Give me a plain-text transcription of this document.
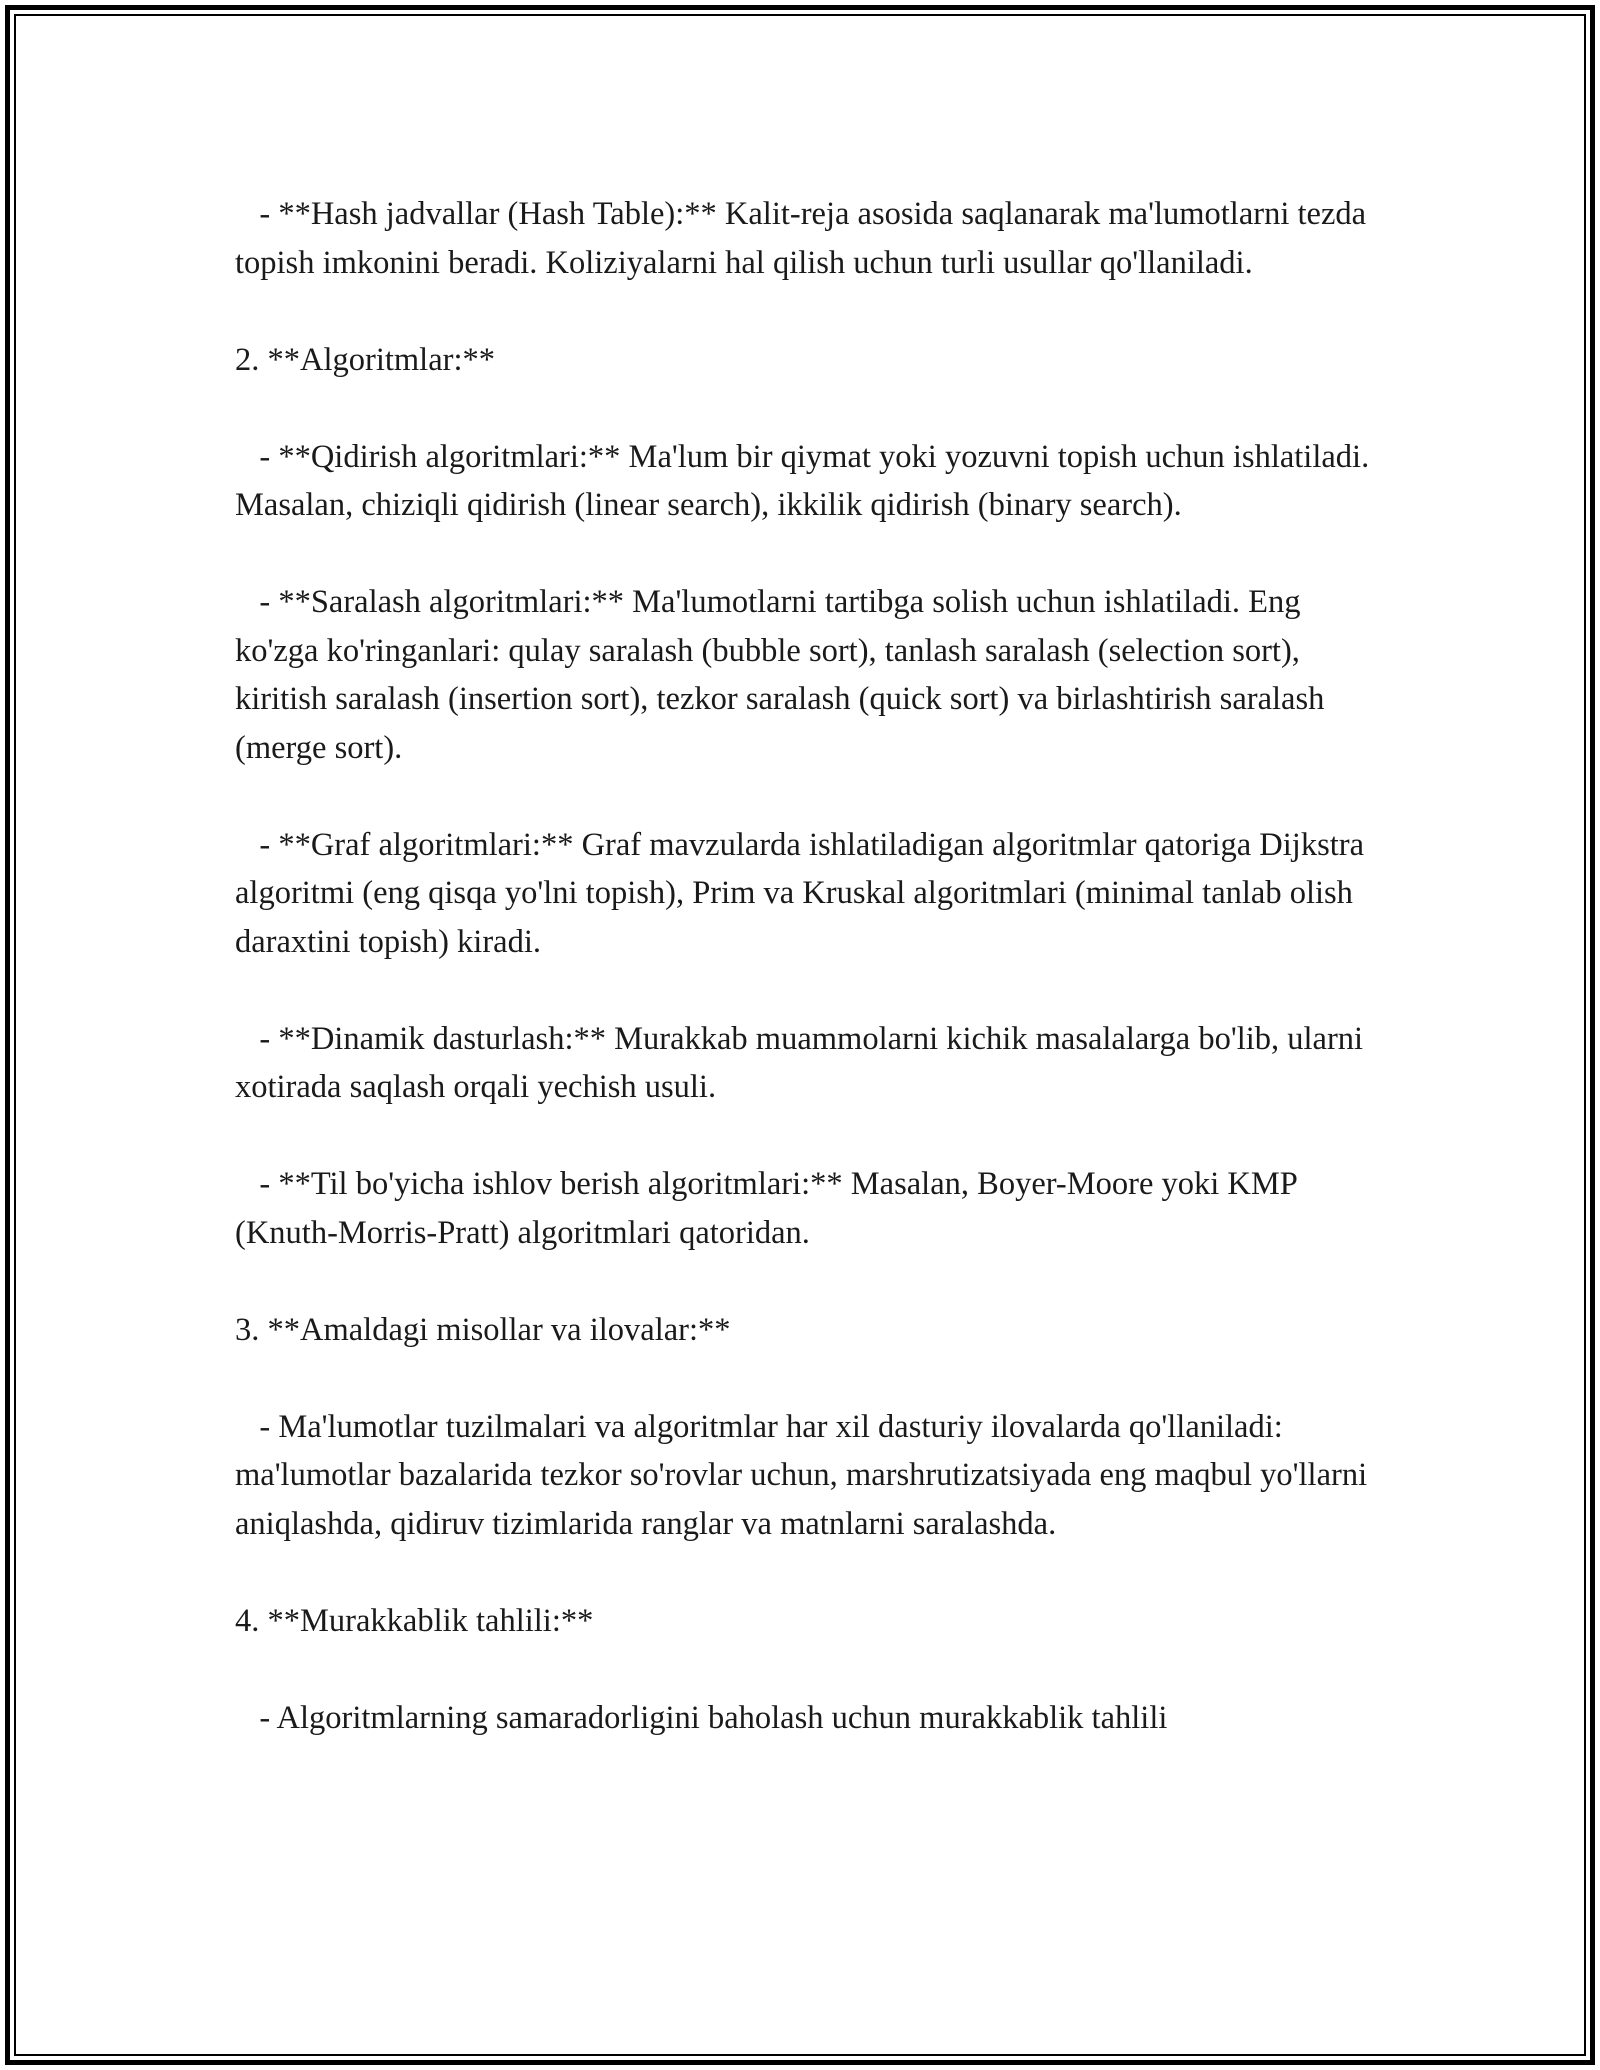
- **Hash jadvallar (Hash Table):** Kalit-reja asosida saqlanarak ma'lumotlarni tezda topish imkonini beradi. Koliziyalarni hal qilish uchun turli usullar qo'llaniladi.

2. **Algoritmlar:**

- **Qidirish algoritmlari:** Ma'lum bir qiymat yoki yozuvni topish uchun ishlatiladi. Masalan, chiziqli qidirish (linear search), ikkilik qidirish (binary search).

- **Saralash algoritmlari:** Ma'lumotlarni tartibga solish uchun ishlatiladi. Eng ko'zga ko'ringanlari: qulay saralash (bubble sort), tanlash saralash (selection sort), kiritish saralash (insertion sort), tezkor saralash (quick sort) va birlashtirish saralash (merge sort).

- **Graf algoritmlari:** Graf mavzularda ishlatiladigan algoritmlar qatoriga Dijkstra algoritmi (eng qisqa yo'lni topish), Prim va Kruskal algoritmlari (minimal tanlab olish daraxtini topish) kiradi.

- **Dinamik dasturlash:** Murakkab muammolarni kichik masalalarga bo'lib, ularni xotirada saqlash orqali yechish usuli.

- **Til bo'yicha ishlov berish algoritmlari:** Masalan, Boyer-Moore yoki KMP (Knuth-Morris-Pratt) algoritmlari qatoridan.

3. **Amaldagi misollar va ilovalar:**

- Ma'lumotlar tuzilmalari va algoritmlar har xil dasturiy ilovalarda qo'llaniladi: ma'lumotlar bazalarida tezkor so'rovlar uchun, marshrutizatsiyada eng maqbul yo'llarni aniqlashda, qidiruv tizimlarida ranglar va matnlarni saralashda.

4. **Murakkablik tahlili:**

- Algoritmlarning samaradorligini baholash uchun murakkablik tahlili
